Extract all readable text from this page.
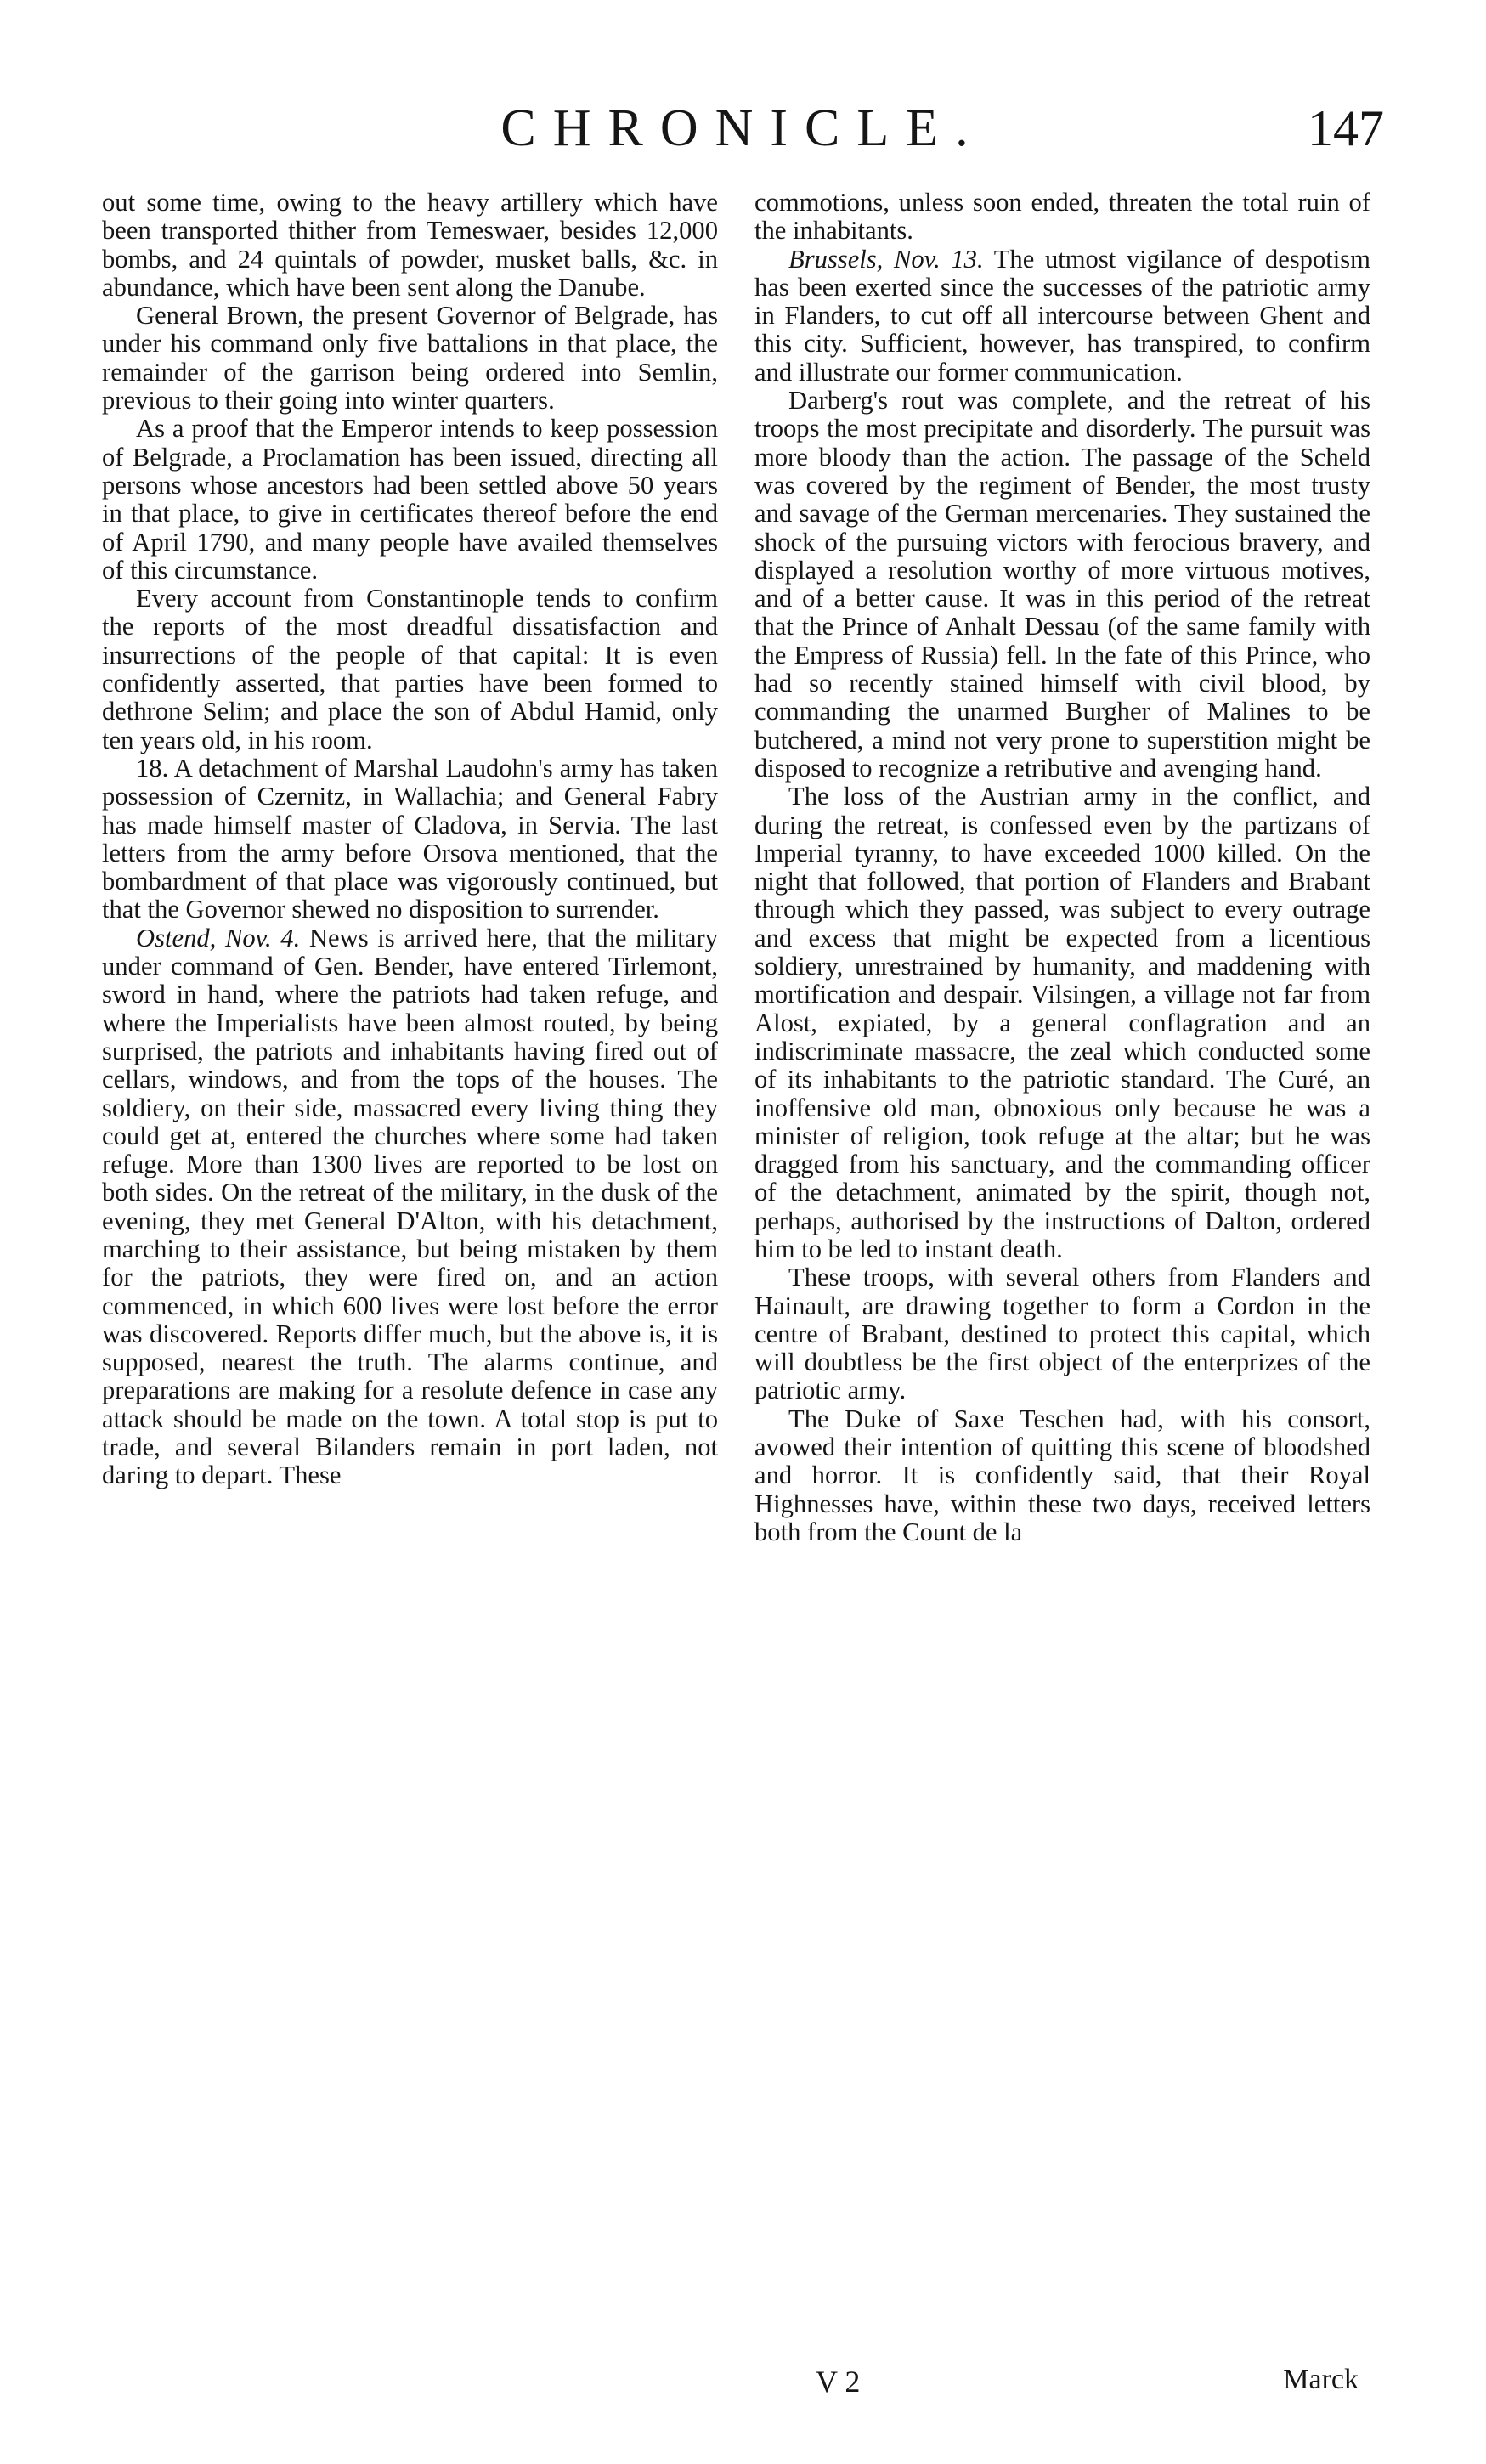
CHRONICLE.	147

out some time, owing to the heavy artillery which have been transported thither from Temeswaer, besides 12,000 bombs, and 24 quintals of powder, musket balls, &c. in abundance, which have been sent along the Danube.

General Brown, the present Governor of Belgrade, has under his command only five battalions in that place, the remainder of the garrison being ordered into Semlin, previous to their going into winter quarters.

As a proof that the Emperor intends to keep possession of Belgrade, a Proclamation has been issued, directing all persons whose ancestors had been settled above 50 years in that place, to give in certificates thereof before the end of April 1790, and many people have availed themselves of this circumstance.

Every account from Constantinople tends to confirm the reports of the most dreadful dissatisfaction and insurrections of the people of that capital: It is even confidently asserted, that parties have been formed to dethrone Selim; and place the son of Abdul Hamid, only ten years old, in his room.

18. A detachment of Marshal Laudohn's army has taken possession of Czernitz, in Wallachia; and General Fabry has made himself master of Cladova, in Servia. The last letters from the army before Orsova mentioned, that the bombardment of that place was vigorously continued, but that the Governor shewed no disposition to surrender.

Ostend, Nov. 4. News is arrived here, that the military under command of Gen. Bender, have entered Tirlemont, sword in hand, where the patriots had taken refuge, and where the Imperialists have been almost routed, by being surprised, the patriots and inhabitants having fired out of cellars, windows, and from the tops of the houses. The soldiery, on their side, massacred every living thing they could get at, entered the churches where some had taken refuge. More than 1300 lives are reported to be lost on both sides. On the retreat of the military, in the dusk of the evening, they met General D'Alton, with his detachment, marching to their assistance, but being mistaken by them for the patriots, they were fired on, and an action commenced, in which 600 lives were lost before the error was discovered. Reports differ much, but the above is, it is supposed, nearest the truth. The alarms continue, and preparations are making for a resolute defence in case any attack should be made on the town. A total stop is put to trade, and several Bilanders remain in port laden, not daring to depart. These

commotions, unless soon ended, threaten the total ruin of the inhabitants.

Brussels, Nov. 13. The utmost vigilance of despotism has been exerted since the successes of the patriotic army in Flanders, to cut off all intercourse between Ghent and this city. Sufficient, however, has transpired, to confirm and illustrate our former communication.

Darberg's rout was complete, and the retreat of his troops the most precipitate and disorderly. The pursuit was more bloody than the action. The passage of the Scheld was covered by the regiment of Bender, the most trusty and savage of the German mercenaries. They sustained the shock of the pursuing victors with ferocious bravery, and displayed a resolution worthy of more virtuous motives, and of a better cause. It was in this period of the retreat that the Prince of Anhalt Dessau (of the same family with the Empress of Russia) fell. In the fate of this Prince, who had so recently stained himself with civil blood, by commanding the unarmed Burgher of Malines to be butchered, a mind not very prone to superstition might be disposed to recognize a retributive and avenging hand.

The loss of the Austrian army in the conflict, and during the retreat, is confessed even by the partizans of Imperial tyranny, to have exceeded 1000 killed. On the night that followed, that portion of Flanders and Brabant through which they passed, was subject to every outrage and excess that might be expected from a licentious soldiery, unrestrained by humanity, and maddening with mortification and despair. Vilsingen, a village not far from Alost, expiated, by a general conflagration and an indiscriminate massacre, the zeal which conducted some of its inhabitants to the patriotic standard. The Curé, an inoffensive old man, obnoxious only because he was a minister of religion, took refuge at the altar; but he was dragged from his sanctuary, and the commanding officer of the detachment, animated by the spirit, though not, perhaps, authorised by the instructions of Dalton, ordered him to be led to instant death.

These troops, with several others from Flanders and Hainault, are drawing together to form a Cordon in the centre of Brabant, destined to protect this capital, which will doubtless be the first object of the enterprizes of the patriotic army.

The Duke of Saxe Teschen had, with his consort, avowed their intention of quitting this scene of bloodshed and horror. It is confidently said, that their Royal Highnesses have, within these two days, received letters both from the Count de la

V 2	Marck
